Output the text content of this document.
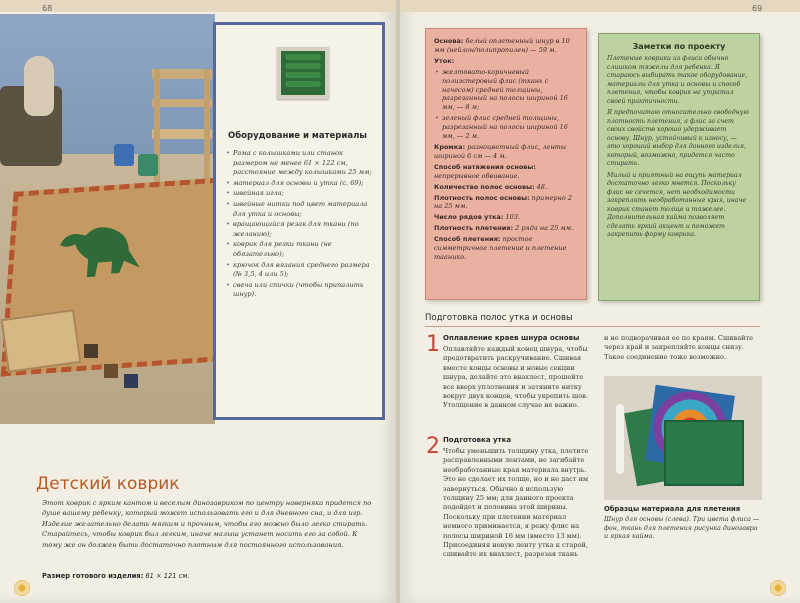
68
Оборудование и материалы
• Рама с колышками или станок размером не менее 61 × 122 см, расстояние между колышками 25 мм;
• материал для основы и утка (с. 69);
• швейная игла;
• швейные нитки под цвет материала для утка и основы;
• вращающийся резак для ткани (по желанию);
• коврик для резки ткани (не обязательно);
• крючок для вязания среднего размера (№ 3,5, 4 или 5);
• свеча или спички (чтобы припалить шнур).
Детский коврик
Этот коврик с ярким кантом и веселым динозавриком по центру наверняка придется по душе вашему ребенку, который может использовать его и для дневного сна, и для игр. Изделие желательно делать мягким и прочным, чтобы его можно было легко стирать. Старайтесь, чтобы коврик был легким, иначе малыш устанет носить его за собой. К тому же он должен быть достаточно плотным для постоянного использования.
Размер готового изделия: 61 × 121 см.
69

Основа: белый оплетенный шнур в 10 мм (нейлон/полипропилен) — 59 м.

Уток:

• желтовато-коричневый полиэстеровый флис (ткань с начесом) средней толщины, разрезанный на полосы шириной 16 мм, — 8 м;

• зеленый флис средней толщины, разрезанный на полосы шириной 16 мм, — 2 м.

Кромка: разноцветный флис, ленты шириной 6 см — 4 м.

Способ натяжения основы: непрерывное обвивание.

Количество полос основы: 48.

Плотность полос основы: примерно 2 на 25 мм.

Число рядов утка: 103.

Плотность плетения: 2 ряда на 25 мм.

Способ плетения: простое симметричное плетение и плетение таанико.

Заметки по проекту

Плетеные коврики из флиса обычно слишком тяжелы для ребенка. Я стараюсь выбирать такое оборудование, материалы для утка и основы и способ плетения, чтобы коврик не утратил своей практичности.

Я предпочитаю относительно свободную плотность плетения, а флис за счет своих свойств хорошо удерживает основу. Шнур, устойчивый к износу, — это хороший выбор для данного изделия, который, возможно, придется часто стирать.

Милый и приятный на ощупь материал достаточно легко мнется. Поскольку флис не сечется, нет необходимости закреплять необработанные края, иначе коврик станет толще и тяжелее. Дополнительная кайма позволяет сделать яркий акцент и поможет закрепить форму коврика.

Подготовка полос утка и основы
1 Оплавление краев шнура основы
Оплавляйте каждый конец шнура, чтобы предотвратить раскручивание. Сшивая вместе концы основы и новые секции шнура, делайте это внахлест, прошейте все вверх уплотнения и затяните нитку вокруг двух концов, чтобы укрепить шов. Утолщение в данном случае не важно.
2 Подготовка утка
Чтобы уменьшить толщину утка, плетите расправленными лентами, не загибайте необработанные края материала внутрь. Это не сделает их толще, но и не даст им завернуться. Обычно я использую толщину 25 мм; для данного проекта подойдет и половина этой ширины. Поскольку при плетении материал немного приминается, я режу флис на полосы шириной 16 мм (вместо 13 мм). Присоединяя новую ленту утка к старой, сшивайте их внахлест, разрезая ткань
и не подворачивая ее по краям. Сшивайте через край и закрепляйте концы снизу. Такое соединение тоже возможно.
Образцы материала для плетения
Шнур для основы (слева). Три цвета флиса — фон, ткань для плетения рисунка динозавра и яркая кайма.
